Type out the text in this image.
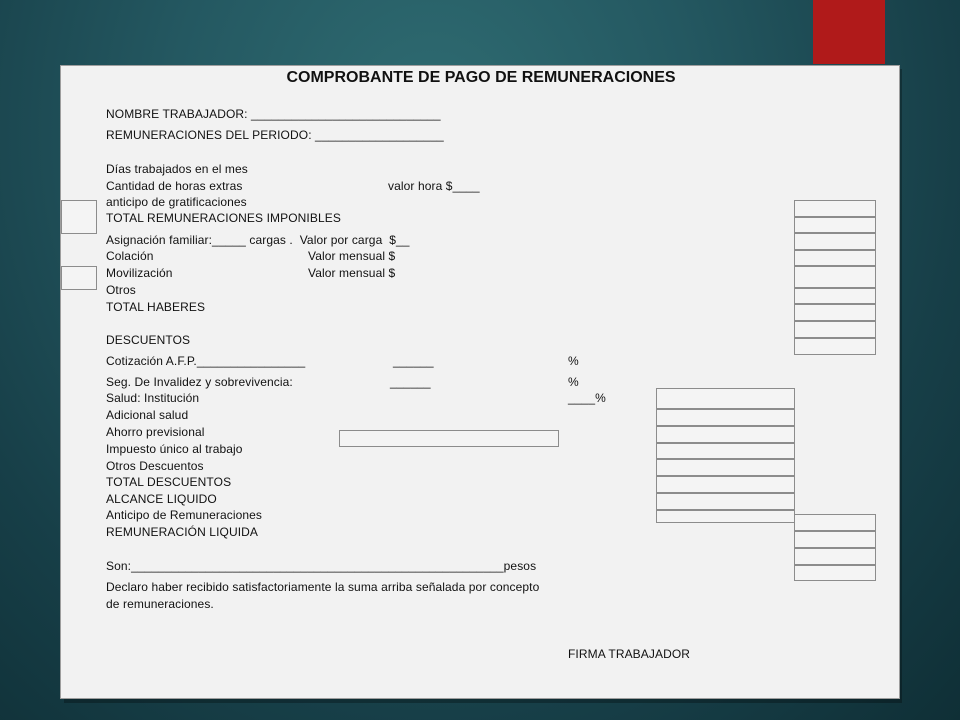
COMPROBANTE DE PAGO DE REMUNERACIONES
NOMBRE TRABAJADOR: ____________________________
REMUNERACIONES DEL PERIODO: ___________________
Días trabajados en el mes
Cantidad de horas extras	valor hora $____
anticipo de gratificaciones
TOTAL REMUNERACIONES IMPONIBLES
Asignación familiar:_____ cargas .  Valor por carga  $__
Colación	Valor mensual $
Movilización	Valor mensual $
Otros
TOTAL HABERES
DESCUENTOS
Cotización A.F.P.________________	______	%
Seg. De Invalidez y sobrevivencia:	______	%
Salud: Institución	____%
Adicional salud
Ahorro previsional
Impuesto único al trabajo
Otros Descuentos
TOTAL DESCUENTOS
ALCANCE LIQUIDO
Anticipo de Remuneraciones
REMUNERACIÓN LIQUIDA
Son:_______________________________________________________pesos
Declaro haber recibido satisfactoriamente la suma arriba señalada por concepto
de remuneraciones.
FIRMA TRABAJADOR
